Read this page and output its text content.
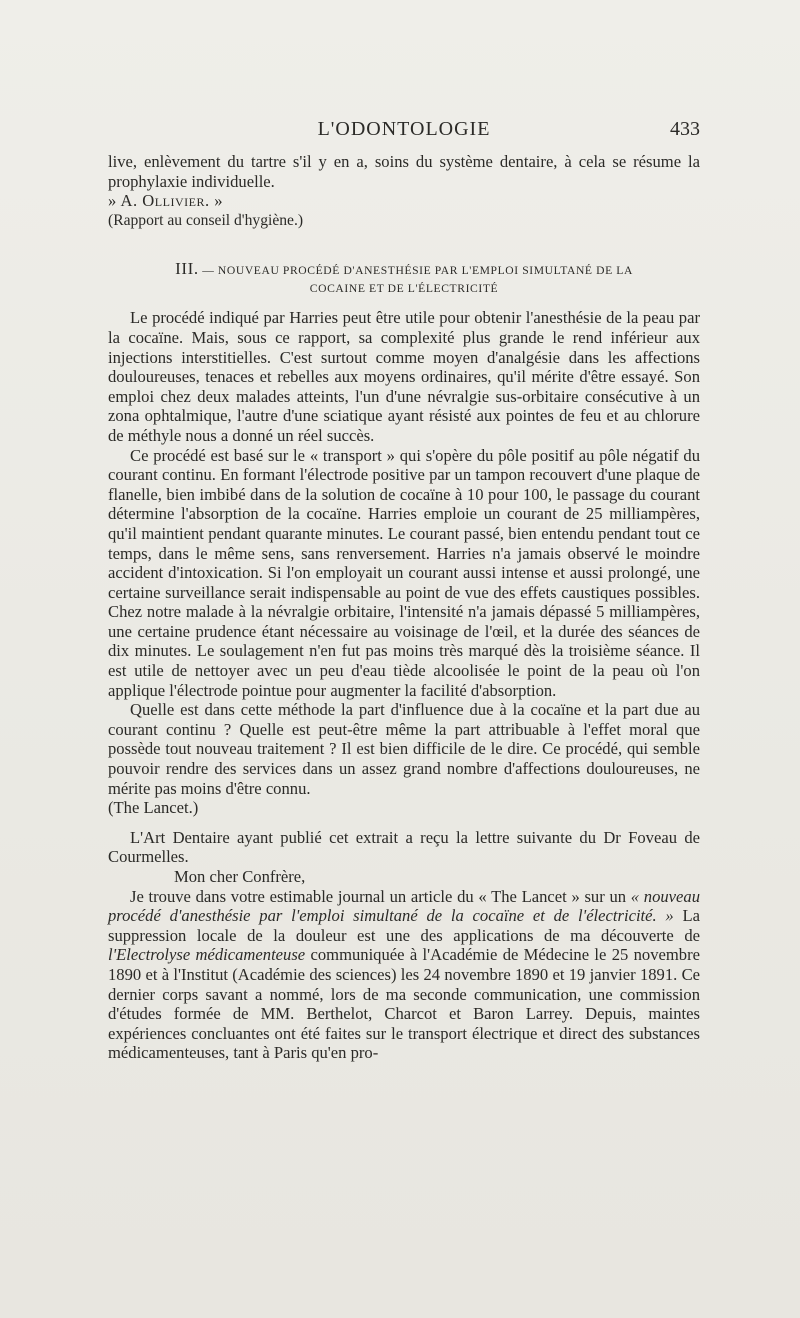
L'ODONTOLOGIE	433

live, enlèvement du tartre s'il y en a, soins du système dentaire, à cela se résume la prophylaxie individuelle.

» A. Ollivier. »

(Rapport au conseil d'hygiène.)

III. — NOUVEAU PROCÉDÉ D'ANESTHÉSIE PAR L'EMPLOI SIMULTANÉ DE LA
COCAINE ET DE L'ÉLECTRICITÉ

Le procédé indiqué par Harries peut être utile pour obtenir l'anesthésie de la peau par la cocaïne. Mais, sous ce rapport, sa complexité plus grande le rend inférieur aux injections interstitielles. C'est surtout comme moyen d'analgésie dans les affections douloureuses, tenaces et rebelles aux moyens ordinaires, qu'il mérite d'être essayé. Son emploi chez deux malades atteints, l'un d'une névralgie sus-orbitaire consécutive à un zona ophtalmique, l'autre d'une sciatique ayant résisté aux pointes de feu et au chlorure de méthyle nous a donné un réel succès.

Ce procédé est basé sur le « transport » qui s'opère du pôle positif au pôle négatif du courant continu. En formant l'électrode positive par un tampon recouvert d'une plaque de flanelle, bien imbibé dans de la solution de cocaïne à 10 pour 100, le passage du courant détermine l'absorption de la cocaïne. Harries emploie un courant de 25 milliampères, qu'il maintient pendant quarante minutes. Le courant passé, bien entendu pendant tout ce temps, dans le même sens, sans renversement. Harries n'a jamais observé le moindre accident d'intoxication. Si l'on employait un courant aussi intense et aussi prolongé, une certaine surveillance serait indispensable au point de vue des effets caustiques possibles. Chez notre malade à la névralgie orbitaire, l'intensité n'a jamais dépassé 5 milliampères, une certaine prudence étant nécessaire au voisinage de l'œil, et la durée des séances de dix minutes. Le soulagement n'en fut pas moins très marqué dès la troisième séance. Il est utile de nettoyer avec un peu d'eau tiède alcoolisée le point de la peau où l'on applique l'électrode pointue pour augmenter la facilité d'absorption.

Quelle est dans cette méthode la part d'influence due à la cocaïne et la part due au courant continu ? Quelle est peut-être même la part attribuable à l'effet moral que possède tout nouveau traitement ? Il est bien difficile de le dire. Ce procédé, qui semble pouvoir rendre des services dans un assez grand nombre d'affections douloureuses, ne mérite pas moins d'être connu.

(The Lancet.)

L'Art Dentaire ayant publié cet extrait a reçu la lettre suivante du Dr Foveau de Courmelles.

Mon cher Confrère,

Je trouve dans votre estimable journal un article du « The Lancet » sur un « nouveau procédé d'anesthésie par l'emploi simultané de la cocaïne et de l'électricité. » La suppression locale de la douleur est une des applications de ma découverte de l'Electrolyse médicamenteuse communiquée à l'Académie de Médecine le 25 novembre 1890 et à l'Institut (Académie des sciences) les 24 novembre 1890 et 19 janvier 1891. Ce dernier corps savant a nommé, lors de ma seconde communication, une commission d'études formée de MM. Berthelot, Charcot et Baron Larrey. Depuis, maintes expériences concluantes ont été faites sur le transport électrique et direct des substances médicamenteuses, tant à Paris qu'en pro-
